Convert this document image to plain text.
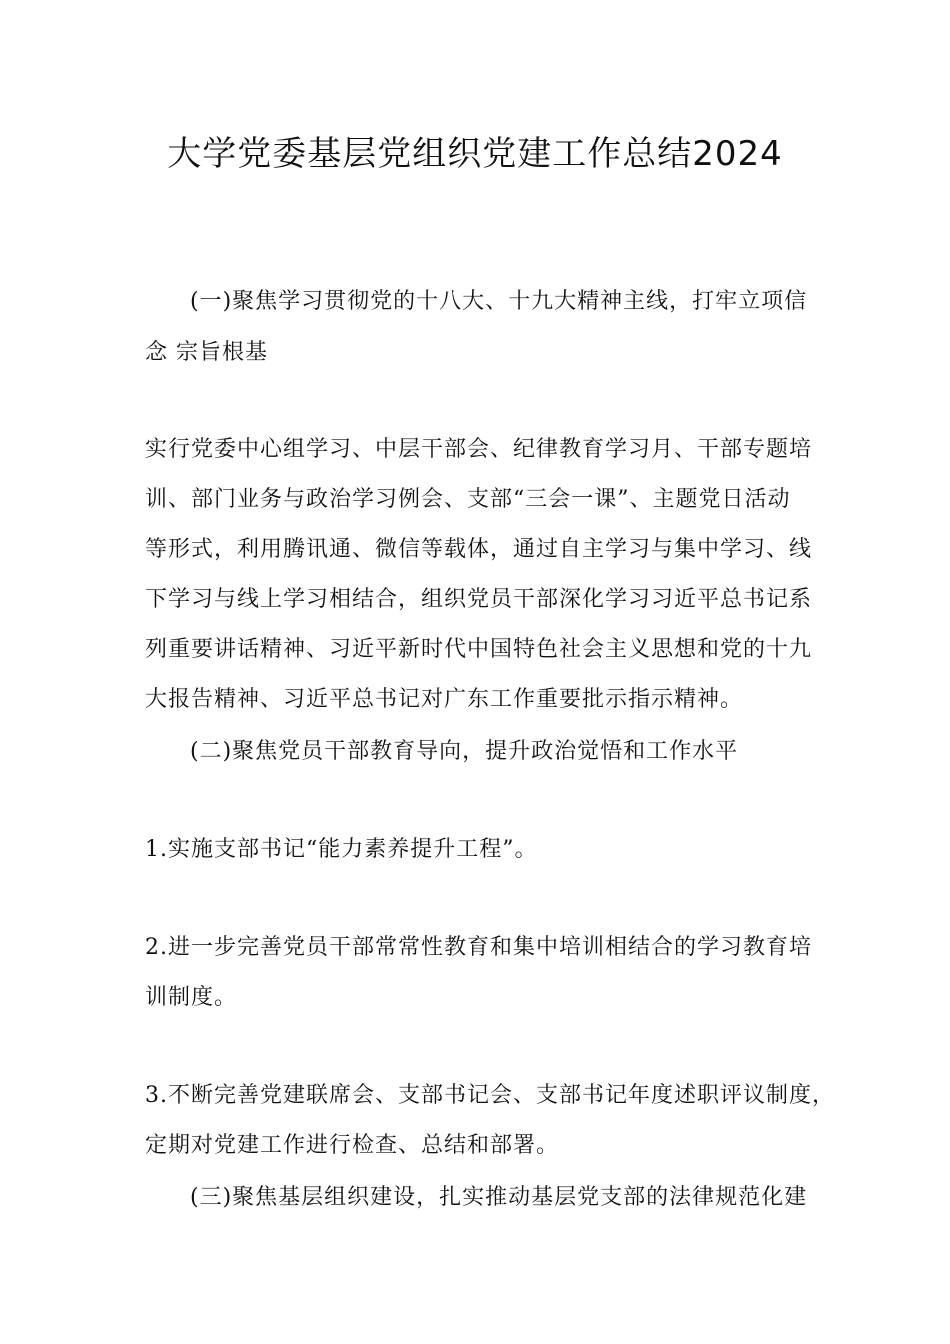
大学党委基层党组织党建工作总结2024
(一)聚焦学习贯彻党的十八大、十九大精神主线，打牢立项信
念 宗旨根基
实行党委中心组学习、中层干部会、纪律教育学习月、干部专题培
训、部门业务与政治学习例会、支部“三会一课”、主题党日活动
等形式，利用腾讯通、微信等载体，通过自主学习与集中学习、线
下学习与线上学习相结合，组织党员干部深化学习习近平总书记系
列重要讲话精神、习近平新时代中国特色社会主义思想和党的十九
大报告精神、习近平总书记对广东工作重要批示指示精神。
(二)聚焦党员干部教育导向，提升政治觉悟和工作水平
1.实施支部书记“能力素养提升工程”。
2.进一步完善党员干部常常性教育和集中培训相结合的学习教育培
训制度。
3.不断完善党建联席会、支部书记会、支部书记年度述职评议制度，
定期对党建工作进行检查、总结和部署。
(三)聚焦基层组织建设，扎实推动基层党支部的法律规范化建
